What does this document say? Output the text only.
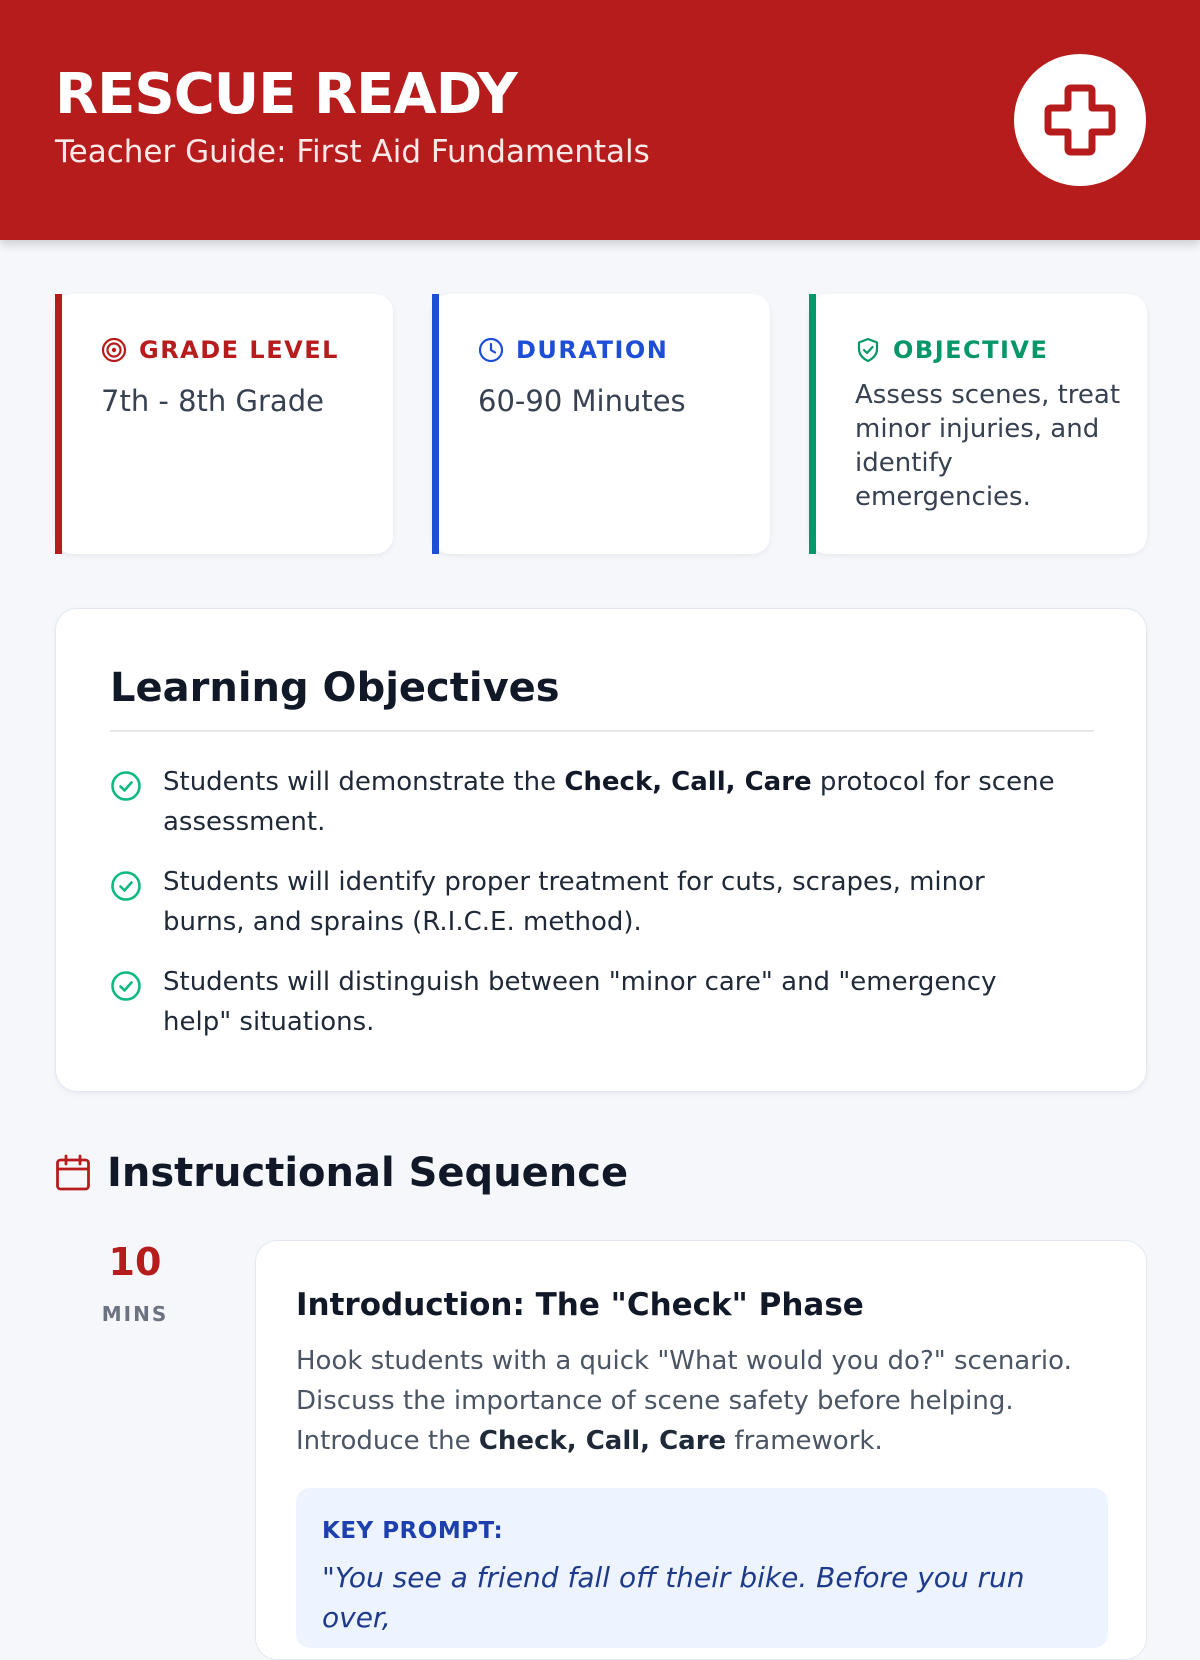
RESCUE READY
Teacher Guide: First Aid Fundamentals
GRADE LEVEL
7th - 8th Grade
DURATION
60-90 Minutes
OBJECTIVE
Assess scenes, treat minor injuries, and identify emergencies.
Learning Objectives
Students will demonstrate the Check, Call, Care protocol for scene assessment.
Students will identify proper treatment for cuts, scrapes, minor burns, and sprains (R.I.C.E. method).
Students will distinguish between "minor care" and "emergency help" situations.
Instructional Sequence
10
MINS	Introduction: The "Check" Phase
Hook students with a quick "What would you do?" scenario. Discuss the importance of scene safety before helping. Introduce the Check, Call, Care framework.
KEY PROMPT:
"You see a friend fall off their bike. Before you run over,
